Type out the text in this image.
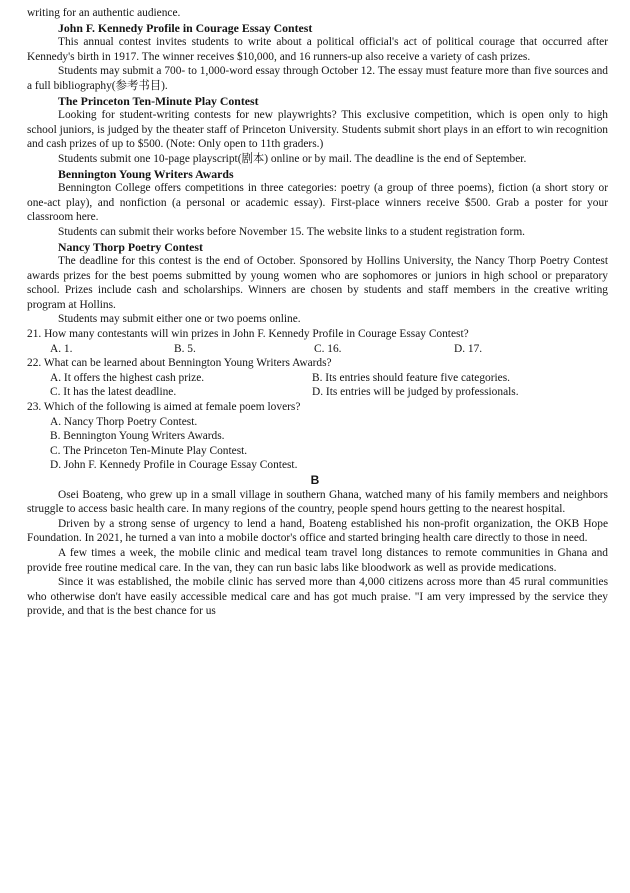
writing for an authentic audience.

John F. Kennedy Profile in Courage Essay Contest

This annual contest invites students to write about a political official's act of political courage that occurred after Kennedy's birth in 1917. The winner receives $10,000, and 16 runners-up also receive a variety of cash prizes.

Students may submit a 700- to 1,000-word essay through October 12. The essay must feature more than five sources and a full bibliography(参考书目).

The Princeton Ten-Minute Play Contest

Looking for student-writing contests for new playwrights? This exclusive competition, which is open only to high school juniors, is judged by the theater staff of Princeton University. Students submit short plays in an effort to win recognition and cash prizes of up to $500. (Note: Only open to 11th graders.)

Students submit one 10-page playscript(剧本) online or by mail. The deadline is the end of September.

Bennington Young Writers Awards

Bennington College offers competitions in three categories: poetry (a group of three poems), fiction (a short story or one-act play), and nonfiction (a personal or academic essay). First-place winners receive $500. Grab a poster for your classroom here.

Students can submit their works before November 15. The website links to a student registration form.

Nancy Thorp Poetry Contest

The deadline for this contest is the end of October. Sponsored by Hollins University, the Nancy Thorp Poetry Contest awards prizes for the best poems submitted by young women who are sophomores or juniors in high school or preparatory school. Prizes include cash and scholarships. Winners are chosen by students and staff members in the creative writing program at Hollins.

Students may submit either one or two poems online.

21. How many contestants will win prizes in John F. Kennedy Profile in Courage Essay Contest?

A. 1.	B. 5.	C. 16.	D. 17.

22. What can be learned about Bennington Young Writers Awards?

A. It offers the highest cash prize.	B. Its entries should feature five categories.
C. It has the latest deadline.	D. Its entries will be judged by professionals.

23. Which of the following is aimed at female poem lovers?

A. Nancy Thorp Poetry Contest.

B. Bennington Young Writers Awards.

C. The Princeton Ten-Minute Play Contest.

D. John F. Kennedy Profile in Courage Essay Contest.

B

Osei Boateng, who grew up in a small village in southern Ghana, watched many of his family members and neighbors struggle to access basic health care. In many regions of the country, people spend hours getting to the nearest hospital.

Driven by a strong sense of urgency to lend a hand, Boateng established his non-profit organization, the OKB Hope Foundation. In 2021, he turned a van into a mobile doctor's office and started bringing health care directly to those in need.

A few times a week, the mobile clinic and medical team travel long distances to remote communities in Ghana and provide free routine medical care. In the van, they can run basic labs like bloodwork as well as provide medications.

Since it was established, the mobile clinic has served more than 4,000 citizens across more than 45 rural communities who otherwise don't have easily accessible medical care and has got much praise. "I am very impressed by the service they provide, and that is the best chance for us
